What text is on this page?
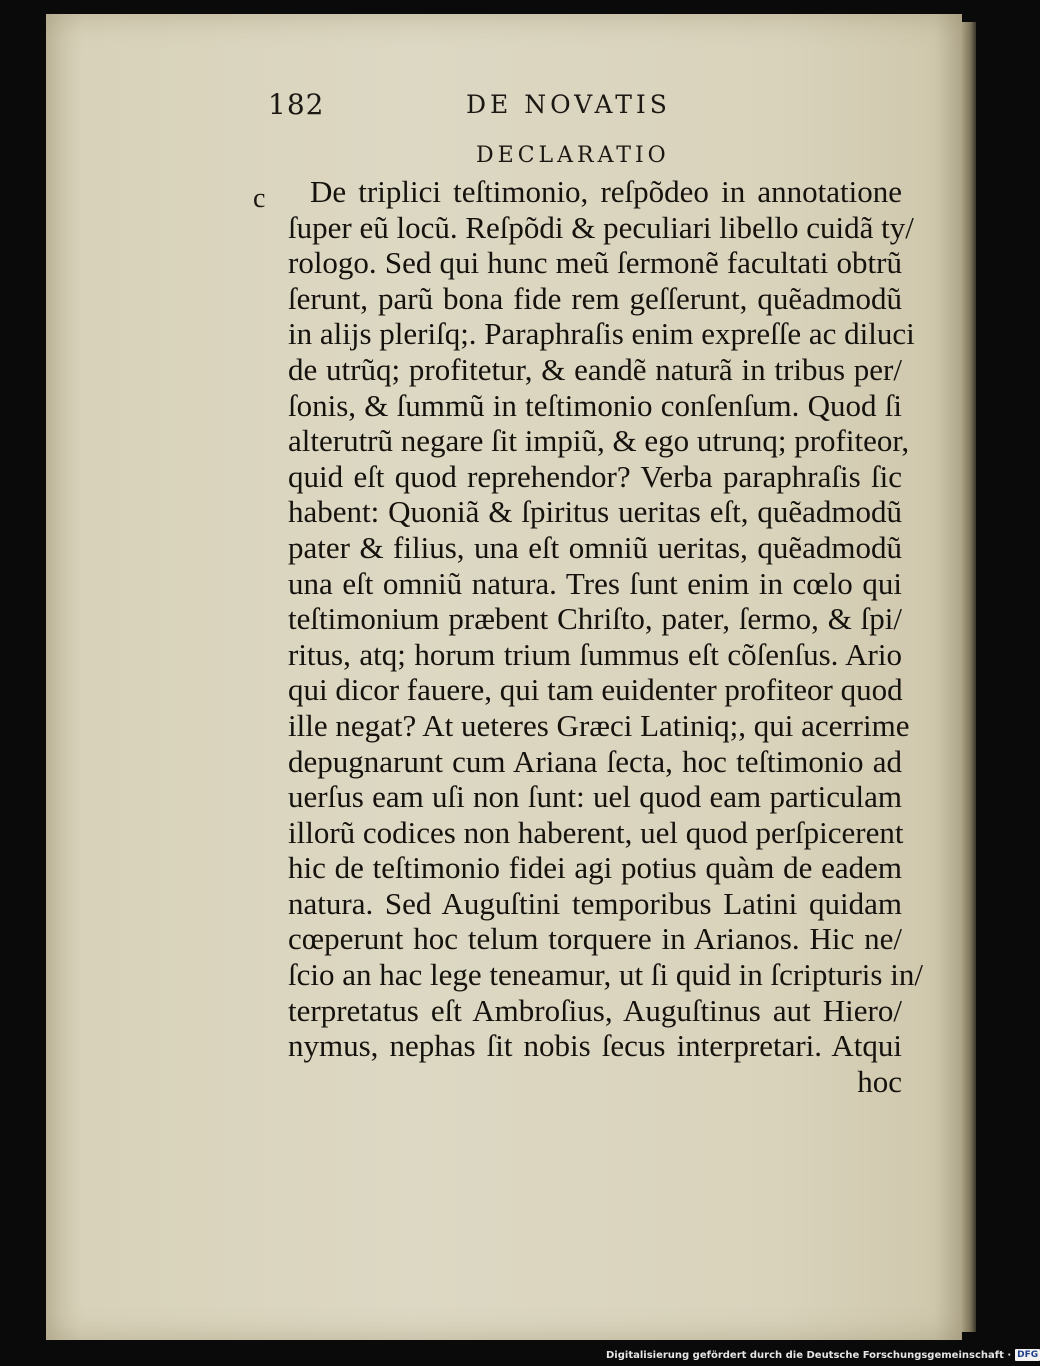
182	DE NOVATIS
DECLARATIO
c	De triplici teſtimonio, reſpõdeo in annotatione
ſuper eũ locũ. Reſpõdi & peculiari libello cuidã ty/
rologo. Sed qui hunc meũ ſermonẽ facultati obtrũ
ſerunt, parũ bona fide rem geſſerunt, quẽadmodũ
in alijs pleriſq;. Paraphraſis enim expreſſe ac diluci
de utrũq; profitetur, & eandẽ naturã in tribus per/
ſonis, & ſummũ in teſtimonio conſenſum. Quod ſi
alterutrũ negare ſit impiũ, & ego utrunq; profiteor,
quid eſt quod reprehendor? Verba paraphraſis ſic
habent: Quoniã & ſpiritus ueritas eſt, quẽadmodũ
pater & filius, una eſt omniũ ueritas, quẽadmodũ
una eſt omniũ natura. Tres ſunt enim in cœlo qui
teſtimonium præbent Chriſto, pater, ſermo, & ſpi/
ritus, atq; horum trium ſummus eſt cõſenſus. Ario
qui dicor fauere, qui tam euidenter profiteor quod
ille negat? At ueteres Græci Latiniq;, qui acerrime
depugnarunt cum Ariana ſecta, hoc teſtimonio ad
uerſus eam uſi non ſunt: uel quod eam particulam
illorũ codices non haberent, uel quod perſpicerent
hic de teſtimonio fidei agi potius quàm de eadem
natura. Sed Auguſtini temporibus Latini quidam
cœperunt hoc telum torquere in Arianos. Hic ne/
ſcio an hac lege teneamur, ut ſi quid in ſcripturis in/
terpretatus eſt Ambroſius, Auguſtinus aut Hiero/
nymus, nephas ſit nobis ſecus interpretari. Atqui
hoc
Digitalisierung gefördert durch die Deutsche Forschungsgemeinschaft · DFG
